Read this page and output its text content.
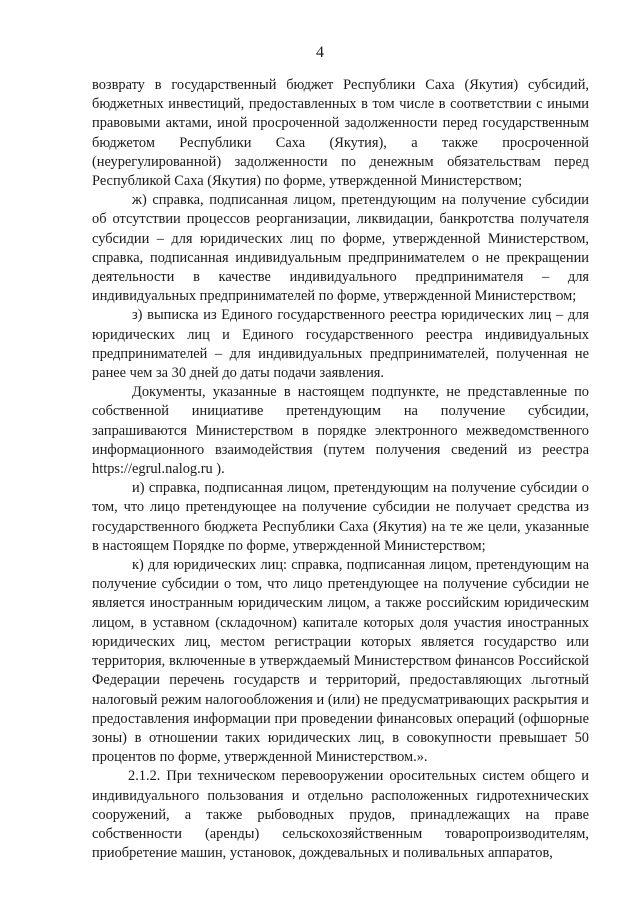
4

возврату в государственный бюджет Республики Саха (Якутия) субсидий, бюджетных инвестиций, предоставленных в том числе в соответствии с иными правовыми актами, иной просроченной задолженности перед государственным бюджетом Республики Саха (Якутия), а также просроченной (неурегулированной) задолженности по денежным обязательствам перед Республикой Саха (Якутия) по форме, утвержденной Министерством;

ж) справка, подписанная лицом, претендующим на получение субсидии об отсутствии процессов реорганизации, ликвидации, банкротства получателя субсидии – для юридических лиц по форме, утвержденной Министерством, справка, подписанная индивидуальным предпринимателем о не прекращении деятельности в качестве индивидуального предпринимателя – для индивидуальных предпринимателей по форме, утвержденной Министерством;

з) выписка из Единого государственного реестра юридических лиц – для юридических лиц и Единого государственного реестра индивидуальных предпринимателей – для индивидуальных предпринимателей, полученная не ранее чем за 30 дней до даты подачи заявления.

Документы, указанные в настоящем подпункте, не представленные по собственной инициативе претендующим на получение субсидии, запрашиваются Министерством в порядке электронного межведомственного информационного взаимодействия (путем получения сведений из реестра https://egrul.nalog.ru ).

и) справка, подписанная лицом, претендующим на получение субсидии о том, что лицо претендующее на получение субсидии не получает средства из государственного бюджета Республики Саха (Якутия) на те же цели, указанные в настоящем Порядке по форме, утвержденной Министерством;

к) для юридических лиц: справка, подписанная лицом, претендующим на получение субсидии о том, что лицо претендующее на получение субсидии не является иностранным юридическим лицом, а также российским юридическим лицом, в уставном (складочном) капитале которых доля участия иностранных юридических лиц, местом регистрации которых является государство или территория, включенные в утверждаемый Министерством финансов Российской Федерации перечень государств и территорий, предоставляющих льготный налоговый режим налогообложения и (или) не предусматривающих раскрытия и предоставления информации при проведении финансовых операций (офшорные зоны) в отношении таких юридических лиц, в совокупности превышает 50 процентов по форме, утвержденной Министерством.».

2.1.2. При техническом перевооружении оросительных систем общего и индивидуального пользования и отдельно расположенных гидротехнических сооружений, а также рыбоводных прудов, принадлежащих на праве собственности (аренды) сельскохозяйственным товаропроизводителям, приобретение машин, установок, дождевальных и поливальных аппаратов,
